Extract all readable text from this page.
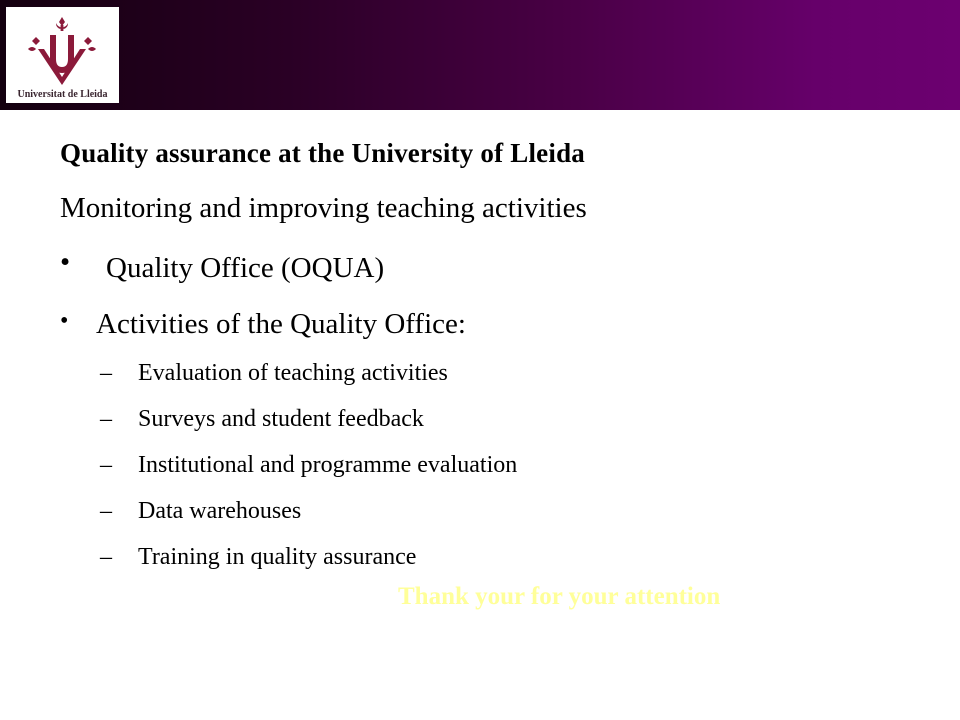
Universitat de Lleida
Quality assurance at the University of Lleida
Monitoring and improving teaching activities
• Quality Office (OQUA)
• Activities of the Quality Office:
– Evaluation of teaching activities
– Surveys and student feedback
– Institutional and programme evaluation
– Data warehouses
– Training in quality assurance
Thank your for your attention
